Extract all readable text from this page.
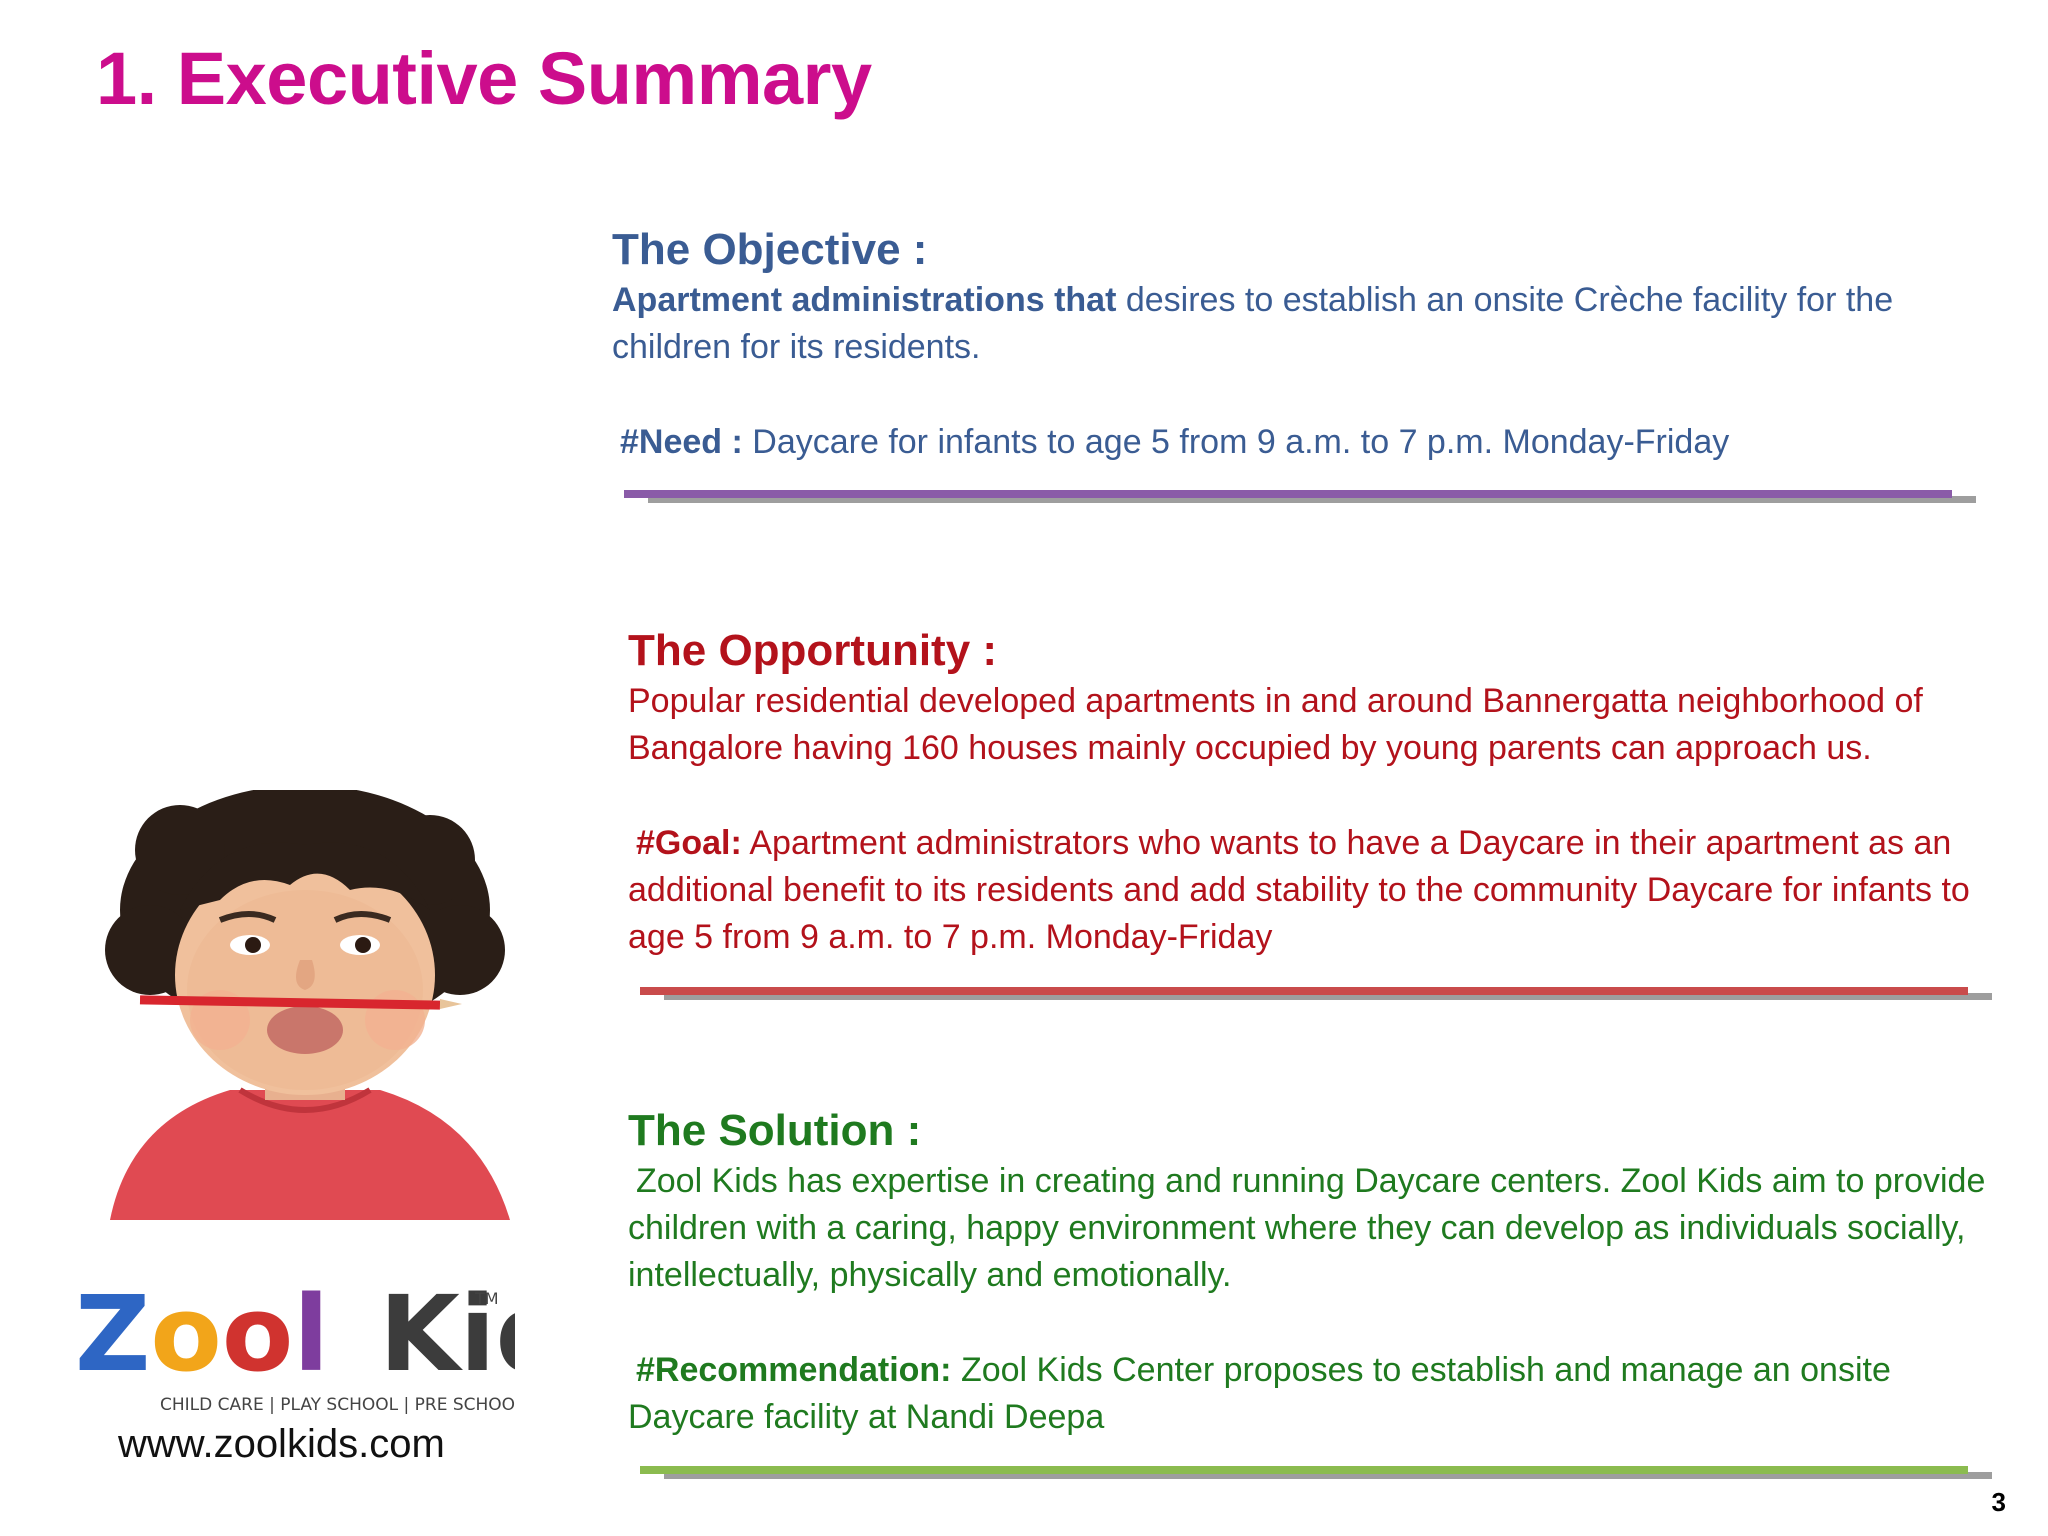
1. Executive Summary

The Objective :

Apartment administrations that desires to establish an onsite Crèche facility for the children for its residents.

#Need : Daycare for infants to age 5 from 9 a.m. to 7 p.m. Monday-Friday

The Opportunity :

Popular residential developed apartments in and around Bannergatta neighborhood of Bangalore having 160 houses mainly occupied by young parents can approach us.

#Goal: Apartment administrators who wants to have a Daycare in their apartment as an additional benefit to its residents and add stability to the community Daycare for infants to age 5 from 9 a.m. to 7 p.m. Monday-Friday

The Solution :

Zool Kids has expertise in creating and running Daycare centers. Zool Kids aim to provide children with a caring, happy environment where they can develop as individuals socially, intellectually, physically and emotionally.

#Recommendation: Zool Kids Center proposes to establish and manage an onsite Daycare facility at Nandi Deepa

Zool Ki
TM
CHILD CARE | PLAY SCHOOL | PRE SCHOOL
www.zoolkids.com
3
